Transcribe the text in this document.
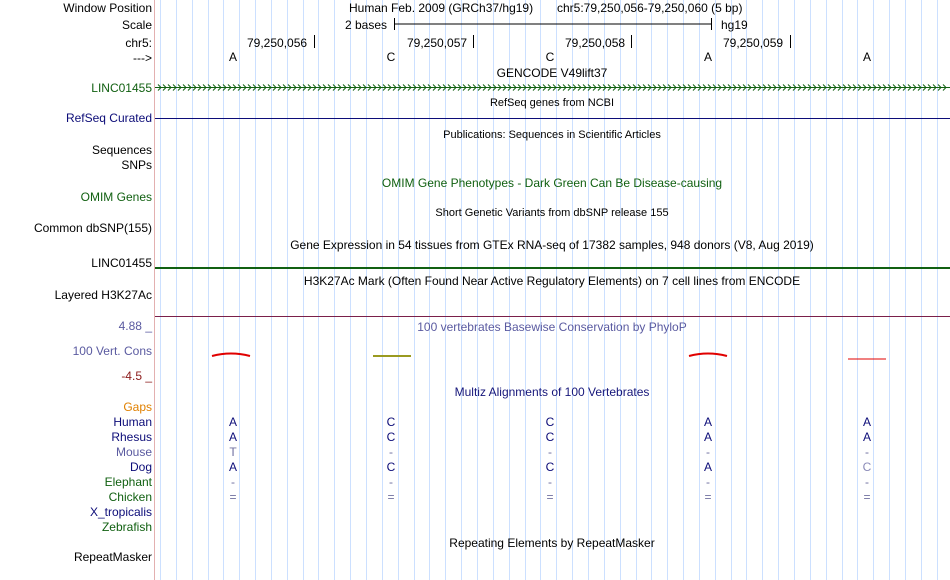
Window Position	Human Feb. 2009 (GRCh37/hg19) chr5:79,250,056-79,250,060 (5 bp)
Scale	2 bases	hg19
chr5:	79,250,056	79,250,057	79,250,058	79,250,059
--->	A	C	C	A	A
GENCODE V49lift37
LINC01455
RefSeq genes from NCBI
RefSeq Curated
Publications: Sequences in Scientific Articles
Sequences
SNPs
OMIM Gene Phenotypes - Dark Green Can Be Disease-causing
OMIM Genes
Short Genetic Variants from dbSNP release 155
Common dbSNP(155)
Gene Expression in 54 tissues from GTEx RNA-seq of 17382 samples, 948 donors (V8, Aug 2019)
LINC01455
H3K27Ac Mark (Often Found Near Active Regulatory Elements) on 7 cell lines from ENCODE
Layered H3K27Ac
100 vertebrates Basewise Conservation by PhyloP
4.88 _
100 Vert. Cons
-4.5 _
Multiz Alignments of 100 Vertebrates
Gaps
Human	A	C	C	A	A
Rhesus	A	C	C	A	A
Mouse	T	-	-	-	-
Dog	A	C	C	A	C
Elephant	-	-	-	-	-
Chicken	=	=	=	=	=
X_tropicalis
Zebrafish
Repeating Elements by RepeatMasker
RepeatMasker
